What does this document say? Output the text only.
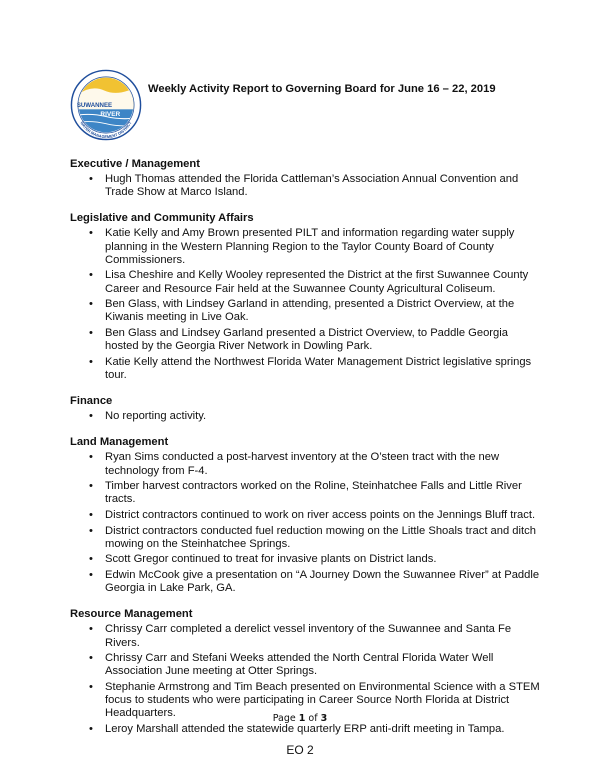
SUWANNEE
RIVER
WATER MANAGEMENT DISTRICT
Weekly Activity Report to Governing Board for June 16 – 22, 2019
Executive / Management
• Hugh Thomas attended the Florida Cattleman’s Association Annual Convention and Trade Show at Marco Island.
Legislative and Community Affairs
• Katie Kelly and Amy Brown presented PILT and information regarding water supply planning in the Western Planning Region to the Taylor County Board of County Commissioners.
• Lisa Cheshire and Kelly Wooley represented the District at the first Suwannee County Career and Resource Fair held at the Suwannee County Agricultural Coliseum.
• Ben Glass, with Lindsey Garland in attending, presented a District Overview, at the Kiwanis meeting in Live Oak.
• Ben Glass and Lindsey Garland presented a District Overview, to Paddle Georgia hosted by the Georgia River Network in Dowling Park.
• Katie Kelly attend the Northwest Florida Water Management District legislative springs tour.
Finance
• No reporting activity.
Land Management
• Ryan Sims conducted a post-harvest inventory at the O’steen tract with the new technology from F-4.
• Timber harvest contractors worked on the Roline, Steinhatchee Falls and Little River tracts.
• District contractors continued to work on river access points on the Jennings Bluff tract.
• District contractors conducted fuel reduction mowing on the Little Shoals tract and ditch mowing on the Steinhatchee Springs.
• Scott Gregor continued to treat for invasive plants on District lands.
• Edwin McCook give a presentation on “A Journey Down the Suwannee River” at Paddle Georgia in Lake Park, GA.
Resource Management
• Chrissy Carr completed a derelict vessel inventory of the Suwannee and Santa Fe Rivers.
• Chrissy Carr and Stefani Weeks attended the North Central Florida Water Well Association June meeting at Otter Springs.
• Stephanie Armstrong and Tim Beach presented on Environmental Science with a STEM focus to students who were participating in Career Source North Florida at District Headquarters.
• Leroy Marshall attended the statewide quarterly ERP anti-drift meeting in Tampa.
Page 1 of 3
EO 2
